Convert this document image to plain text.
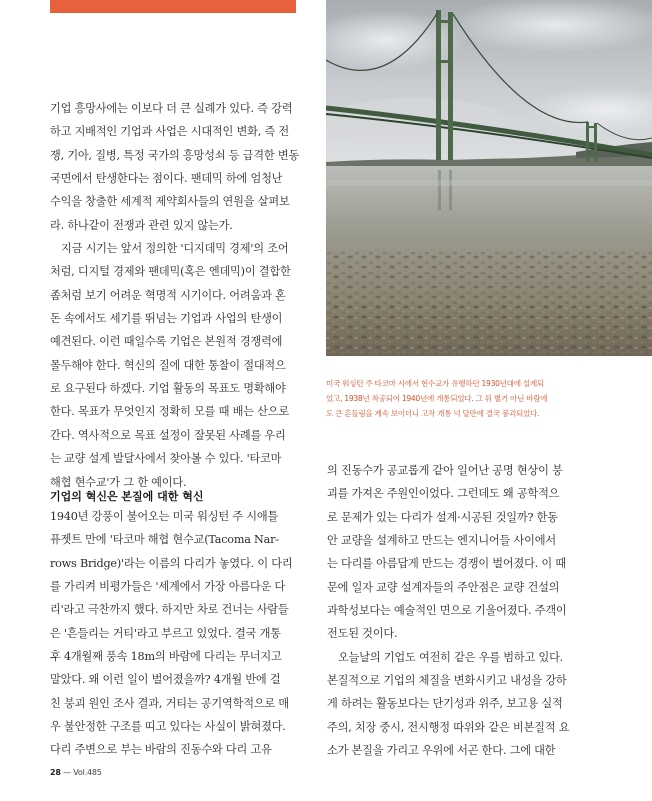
미국 워싱턴 주 타코마 시에서 현수교가 유행하던 1930년대에 설계되

었고, 1938년 착공되어 1940년에 개통되었다. 그 뒤 별거 아닌 바람에

도 큰 흔들림을 계속 보이더니 고작 개통 넉 달만에 결국 붕괴되었다.

기업 흥망사에는 이보다 더 큰 실례가 있다. 즉 강력

하고 지배적인 기업과 사업은 시대적인 변화, 즉 전

쟁, 기아, 질병, 특정 국가의 흥망성쇠 등 급격한 변동

국면에서 탄생한다는 점이다. 팬데믹 하에 엄청난

수익을 창출한 세계적 제약회사들의 연원을 살펴보

라. 하나같이 전쟁과 관련 있지 않는가.

지금 시기는 앞서 정의한 '디지데믹 경제'의 조어

처럼, 디지털 경제와 팬데믹(혹은 엔데믹)이 결합한

좀처럼 보기 어려운 혁명적 시기이다. 어려움과 혼

돈 속에서도 세기를 뛰넘는 기업과 사업의 탄생이

예견된다. 이런 때일수록 기업은 본원적 경쟁력에

몰두해야 한다. 혁신의 질에 대한 통찰이 절대적으

로 요구된다 하겠다. 기업 활동의 목표도 명확해야

한다. 목표가 무엇인지 정확히 모를 때 배는 산으로

간다. 역사적으로 목표 설정이 잘못된 사례를 우리

는 교량 설계 발달사에서 찾아볼 수 있다. '타코마

해협 현수교'가 그 한 예이다.

기업의 혁신은 본질에 대한 혁신

1940년 강풍이 불어오는 미국 워싱턴 주 시애틀

퓨젯트 만에 '타코마 해협 현수교(Tacoma Nar-

rows Bridge)'라는 이름의 다리가 놓였다. 이 다리

를 가리켜 비평가들은 '세계에서 가장 아름다운 다

리'라고 극찬까지 했다. 하지만 차로 건너는 사람들

은 '흔들리는 거티'라고 부르고 있었다. 결국 개통

후 4개월째 풍속 18m의 바람에 다리는 무너지고

말았다. 왜 이런 일이 벌어졌을까? 4개월 반에 걸

친 붕괴 원인 조사 결과, 거티는 공기역학적으로 매

우 불안정한 구조를 띠고 있다는 사실이 밝혀졌다.

다리 주변으로 부는 바람의 진동수와 다리 고유

의 진동수가 공교롭게 같아 일어난 공명 현상이 붕

괴를 가져온 주원인이었다. 그런데도 왜 공학적으

로 문제가 있는 다리가 설계·시공된 것일까? 한동

안 교량을 설계하고 만드는 엔지니어들 사이에서

는 다리를 아름답게 만드는 경쟁이 벌어졌다. 이 때

문에 일자 교량 설계자들의 주안점은 교량 건설의

과학성보다는 예술적인 면으로 기울어졌다. 주객이

전도된 것이다.

오늘날의 기업도 여전히 같은 우를 범하고 있다.

본질적으로 기업의 체질을 변화시키고 내성을 강하

게 하려는 활동보다는 단기성과 위주, 보고용 실적

주의, 치장 중시, 전시행정 따위와 같은 비본질적 요

소가 본질을 가리고 우위에 서곤 한다. 그에 대한

28 — Vol.485
